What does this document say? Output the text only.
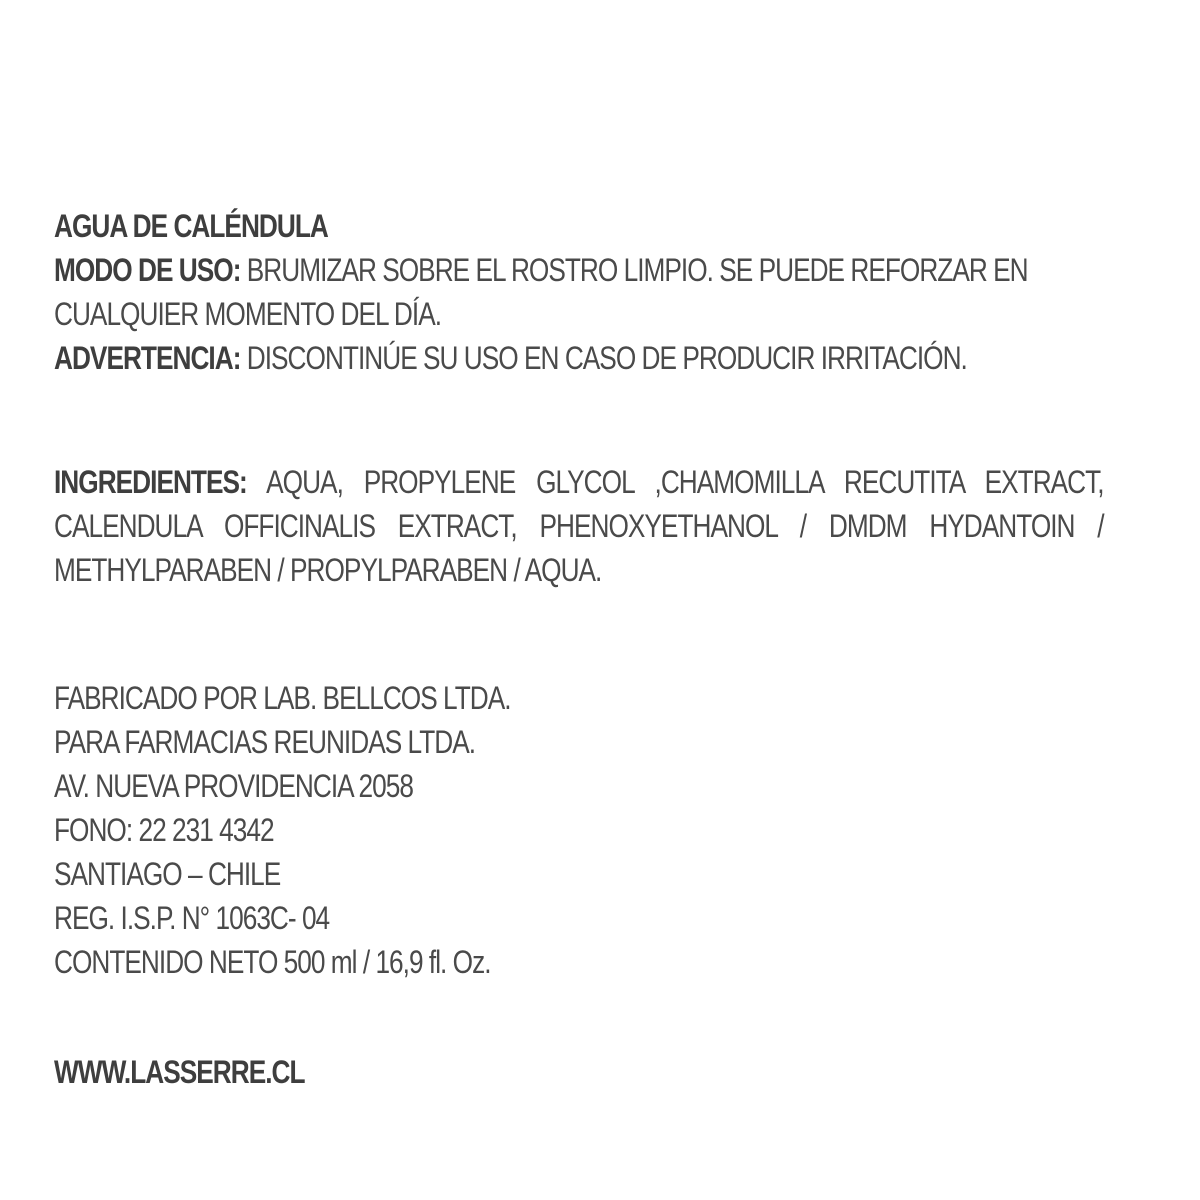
AGUA DE CALÉNDULA
MODO DE USO: BRUMIZAR SOBRE EL ROSTRO LIMPIO. SE PUEDE REFORZAR EN CUALQUIER MOMENTO DEL DÍA.
ADVERTENCIA: DISCONTINÚE SU USO EN CASO DE PRODUCIR IRRITACIÓN.
INGREDIENTES: AQUA, PROPYLENE GLYCOL ,CHAMOMILLA RECUTITA EXTRACT, CALENDULA OFFICINALIS EXTRACT, PHENOXYETHANOL / DMDM HYDANTOIN / METHYLPARABEN / PROPYLPARABEN / AQUA.
FABRICADO POR LAB. BELLCOS LTDA.
PARA FARMACIAS REUNIDAS LTDA.
AV. NUEVA PROVIDENCIA 2058
FONO: 22 231 4342
SANTIAGO – CHILE
REG. I.S.P. N° 1063C- 04
CONTENIDO NETO 500 ml / 16,9 fl. Oz.
WWW.LASSERRE.CL
